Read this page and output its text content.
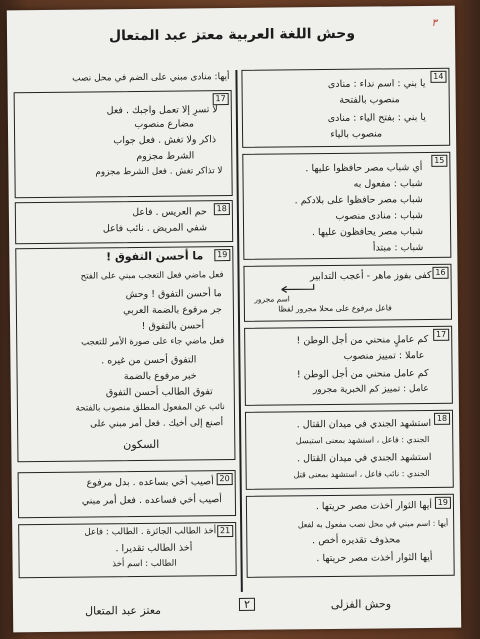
وحش اللغة العربية معتز عبد المتعال
٣
أيها: منادى مبني على الضم في محل نصب
17
لا تسرِ إلا تعمل واجبك . فعل
مضارع منصوب
ذاكر ولا تغش . فعل جواب
الشرط مجزوم
لا تذاكر تغش . فعل الشرط مجزوم
18
حم العريس . فاعل
شفي المريض . نائب فاعل
19
ما أحسن التفوق !
فعل ماضي فعل التعجب مبني على الفتح
ما أحسن التفوق ! وحش
جر مرفوع بالضمة العربي
أحسن بالتفوق !
فعل ماضي جاء على صورة الأمر للتعجب
التفوق أحسن من غيره .
خبر مرفوع بالضمة
تفوق الطالب أحسن التفوق
نائب عن المفعول المطلق منصوب بالفتحة
أصنع إلى أخيك . فعل أمر مبني على
السكون
20
أصيب أخي بساعده . بدل مرفوع
أصيب أخي فساعده . فعل أمر مبني
21
أخذ الطالب الجائزة . الطالب : فاعل
أخذ الطالب تقديرا .
الطالب : اسم أخذ
14
يا بني : اسم نداء : منادى
منصوب بالفتحة
يا بني : بفتح الياء : منادى
منصوب بالياء
15
أي شباب مصر حافظوا عليها .
شباب : مفعول به
شباب مصر حافظوا على بلادكم .
شباب : منادى منصوب
شباب مصر يحافظون عليها .
شباب : مبتدأ
16
كفى بفوز ماهر - أعجب التدابير
فاعل مرفوع على محلا مجرور لفظا
اسم مجرور
17
كم عاملٍ منحني من أجل الوطن !
عاملا : تمييز منصوب
كم عامل منحني من أجل الوطن !
عامل : تمييز كم الخبرية مجرور
18
استشهد الجندي في ميدان القتال .
الجندي : فاعل ، استشهد بمعنى استبسل
استشهد الجندي في ميدان القتال .
الجندي : نائب فاعل ، استشهد بمعنى قتل
19
أيها الثوار أخذت مصر حريتها .
أيها : اسم مبني في محل نصب مفعول به لفعل
محذوف تقديره أخص .
أيها الثوار أخذت مصر حريتها .
معتز عبد المتعال	٢	وحش الفزلى
